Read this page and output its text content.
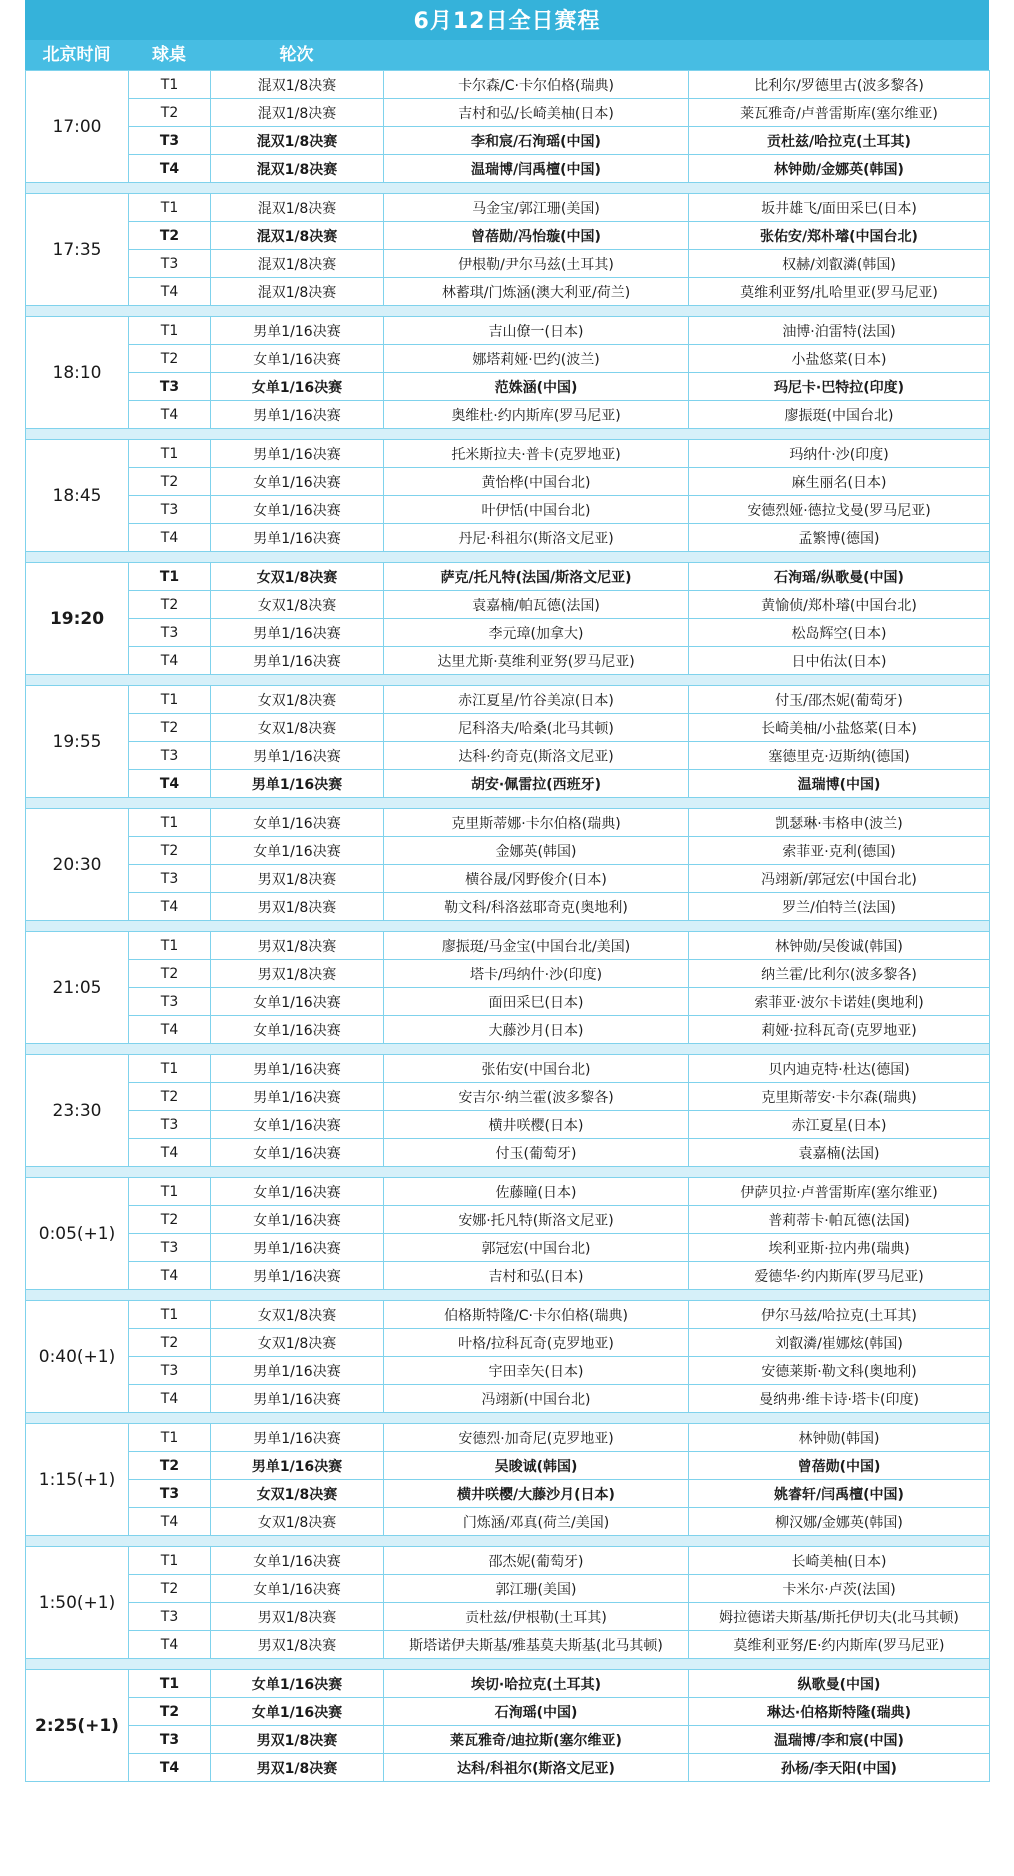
6月12日全日赛程
北京时间	球桌	轮次
17:00	T1	混双1/8决赛	卡尔森/C·卡尔伯格(瑞典)	比利尔/罗德里古(波多黎各)
	T2	混双1/8决赛	吉村和弘/长崎美柚(日本)	莱瓦雅奇/卢普雷斯库(塞尔维亚)
	T3	混双1/8决赛	李和宸/石洵瑶(中国)	贡杜兹/哈拉克(土耳其)
	T4	混双1/8决赛	温瑞博/闫禹檀(中国)	林钟勋/金娜英(韩国)

17:35	T1	混双1/8决赛	马金宝/郭江珊(美国)	坂井雄飞/面田采巳(日本)
	T2	混双1/8决赛	曾蓓勋/冯怡璇(中国)	张佑安/郑朴璿(中国台北)
	T3	混双1/8决赛	伊根勒/尹尔马兹(土耳其)	权赫/刘叡潾(韩国)
	T4	混双1/8决赛	林蓄琪/门炼涵(澳大利亚/荷兰)	莫维利亚努/扎哈里亚(罗马尼亚)

18:10	T1	男单1/16决赛	吉山僚一(日本)	油博·泊雷特(法国)
	T2	女单1/16决赛	娜塔莉娅·巴约(波兰)	小盐悠菜(日本)
	T3	女单1/16决赛	范姝涵(中国)	玛尼卡·巴特拉(印度)
	T4	男单1/16决赛	奥维杜·约内斯库(罗马尼亚)	廖振珽(中国台北)

18:45	T1	男单1/16决赛	托米斯拉夫·普卡(克罗地亚)	玛纳什·沙(印度)
	T2	女单1/16决赛	黄怡桦(中国台北)	麻生丽名(日本)
	T3	女单1/16决赛	叶伊恬(中国台北)	安德烈娅·德拉戈曼(罗马尼亚)
	T4	男单1/16决赛	丹尼·科祖尔(斯洛文尼亚)	孟繁博(德国)

19:20	T1	女双1/8决赛	萨克/托凡特(法国/斯洛文尼亚)	石洵瑶/纵歌曼(中国)
	T2	女双1/8决赛	袁嘉楠/帕瓦德(法国)	黄愉侦/郑朴璿(中国台北)
	T3	男单1/16决赛	李元璋(加拿大)	松岛辉空(日本)
	T4	男单1/16决赛	达里尤斯·莫维利亚努(罗马尼亚)	日中佑汰(日本)

19:55	T1	女双1/8决赛	赤江夏星/竹谷美凉(日本)	付玉/邵杰妮(葡萄牙)
	T2	女双1/8决赛	尼科洛夫/哈桑(北马其顿)	长崎美柚/小盐悠菜(日本)
	T3	男单1/16决赛	达科·约奇克(斯洛文尼亚)	塞德里克·迈斯纳(德国)
	T4	男单1/16决赛	胡安·佩雷拉(西班牙)	温瑞博(中国)

20:30	T1	女单1/16决赛	克里斯蒂娜·卡尔伯格(瑞典)	凯瑟琳·韦格申(波兰)
	T2	女单1/16决赛	金娜英(韩国)	索菲亚·克利(德国)
	T3	男双1/8决赛	横谷晟/冈野俊介(日本)	冯翊新/郭冠宏(中国台北)
	T4	男双1/8决赛	勒文科/科洛兹耶奇克(奥地利)	罗兰/伯特兰(法国)

21:05	T1	男双1/8决赛	廖振珽/马金宝(中国台北/美国)	林钟勋/吴俊诚(韩国)
	T2	男双1/8决赛	塔卡/玛纳什·沙(印度)	纳兰霍/比利尔(波多黎各)
	T3	女单1/16决赛	面田采巳(日本)	索菲亚·波尔卡诺娃(奥地利)
	T4	女单1/16决赛	大藤沙月(日本)	莉娅·拉科瓦奇(克罗地亚)

23:30	T1	男单1/16决赛	张佑安(中国台北)	贝内迪克特·杜达(德国)
	T2	男单1/16决赛	安吉尔·纳兰霍(波多黎各)	克里斯蒂安·卡尔森(瑞典)
	T3	女单1/16决赛	横井咲樱(日本)	赤江夏星(日本)
	T4	女单1/16决赛	付玉(葡萄牙)	袁嘉楠(法国)

0:05(+1)	T1	女单1/16决赛	佐藤瞳(日本)	伊萨贝拉·卢普雷斯库(塞尔维亚)
	T2	女单1/16决赛	安娜·托凡特(斯洛文尼亚)	普莉蒂卡·帕瓦德(法国)
	T3	男单1/16决赛	郭冠宏(中国台北)	埃利亚斯·拉内弗(瑞典)
	T4	男单1/16决赛	吉村和弘(日本)	爱德华·约内斯库(罗马尼亚)

0:40(+1)	T1	女双1/8决赛	伯格斯特隆/C·卡尔伯格(瑞典)	伊尔马兹/哈拉克(土耳其)
	T2	女双1/8决赛	叶格/拉科瓦奇(克罗地亚)	刘叡潾/崔娜炫(韩国)
	T3	男单1/16决赛	宇田幸矢(日本)	安德莱斯·勒文科(奥地利)
	T4	男单1/16决赛	冯翊新(中国台北)	曼纳弗·维卡诗·塔卡(印度)

1:15(+1)	T1	男单1/16决赛	安德烈·加奇尼(克罗地亚)	林钟勋(韩国)
	T2	男单1/16决赛	吴晙诚(韩国)	曾蓓勋(中国)
	T3	女双1/8决赛	横井咲樱/大藤沙月(日本)	姚睿轩/闫禹檀(中国)
	T4	女双1/8决赛	门炼涵/邓真(荷兰/美国)	柳汉娜/金娜英(韩国)

1:50(+1)	T1	女单1/16决赛	邵杰妮(葡萄牙)	长崎美柚(日本)
	T2	女单1/16决赛	郭江珊(美国)	卡米尔·卢茨(法国)
	T3	男双1/8决赛	贡杜兹/伊根勒(土耳其)	姆拉德诺夫斯基/斯托伊切夫(北马其顿)
	T4	男双1/8决赛	斯塔诺伊夫斯基/雅基莫夫斯基(北马其顿)	莫维利亚努/E·约内斯库(罗马尼亚)

2:25(+1)	T1	女单1/16决赛	埃切·哈拉克(土耳其)	纵歌曼(中国)
	T2	女单1/16决赛	石洵瑶(中国)	琳达·伯格斯特隆(瑞典)
	T3	男双1/8决赛	莱瓦雅奇/迪拉斯(塞尔维亚)	温瑞博/李和宸(中国)
	T4	男双1/8决赛	达科/科祖尔(斯洛文尼亚)	孙杨/李天阳(中国)
